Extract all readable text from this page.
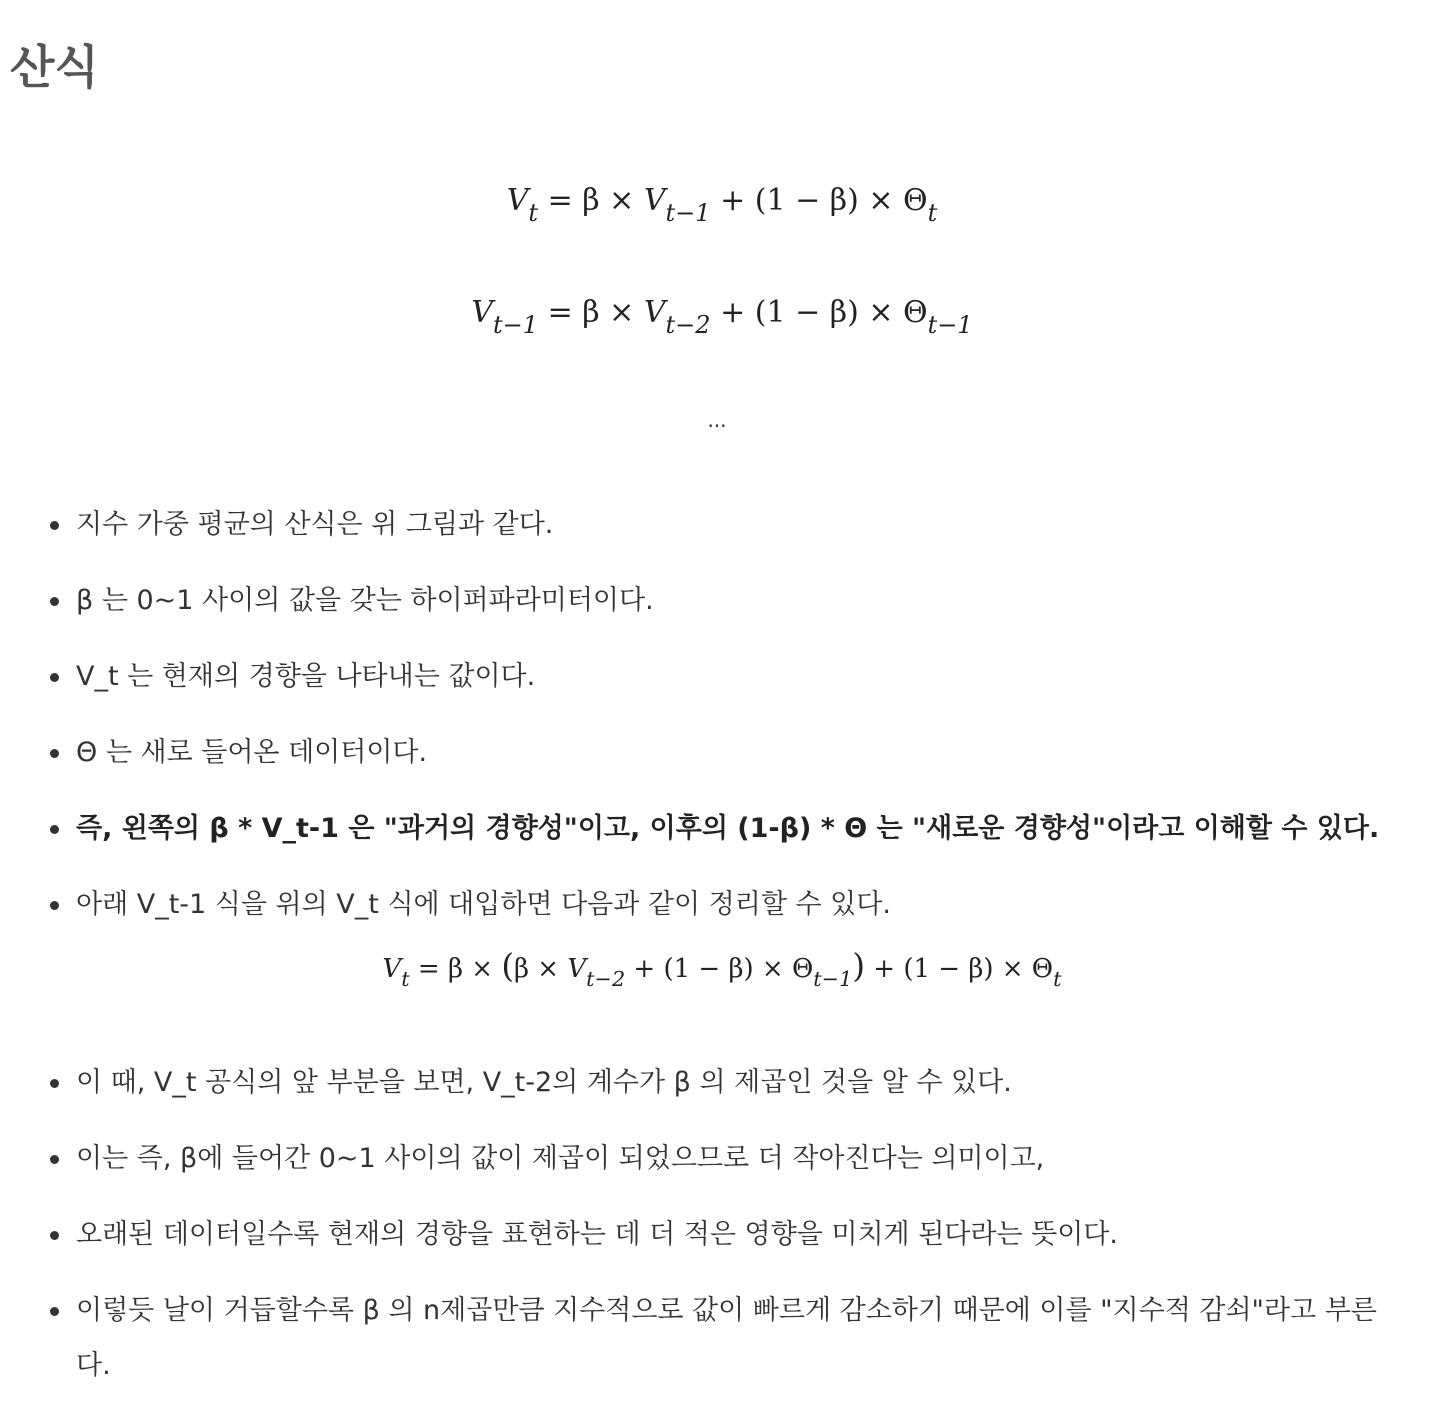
산식
$V_t = \beta \times V_{t-1} + (1 - \beta) \times \Theta_t$
$V_{t-1} = \beta \times V_{t-2} + (1 - \beta) \times \Theta_{t-1}$
...
지수 가중 평균의 산식은 위 그림과 같다.
β 는 0~1 사이의 값을 갖는 하이퍼파라미터이다.
V_t 는 현재의 경향을 나타내는 값이다.
Θ 는 새로 들어온 데이터이다.
즉, 왼쪽의 β * V_t-1 은 "과거의 경향성"이고, 이후의 (1-β) * Θ 는 "새로운 경향성"이라고 이해할 수 있다.
아래 V_t-1 식을 위의 V_t 식에 대입하면 다음과 같이 정리할 수 있다.
이 때, V_t 공식의 앞 부분을 보면, V_t-2의 계수가 β 의 제곱인 것을 알 수 있다.
이는 즉, β에 들어간 0~1 사이의 값이 제곱이 되었으므로 더 작아진다는 의미이고,
오래된 데이터일수록 현재의 경향을 표현하는 데 더 적은 영향을 미치게 된다라는 뜻이다.
이렇듯 날이 거듭할수록 β 의 n제곱만큼 지수적으로 값이 빠르게 감소하기 때문에 이를 "지수적 감쇠"라고 부른다.
$V_t = \beta \times (\beta \times V_{t-2} + (1 - \beta) \times \Theta_{t-1}) + (1 - \beta) \times \Theta_t$
